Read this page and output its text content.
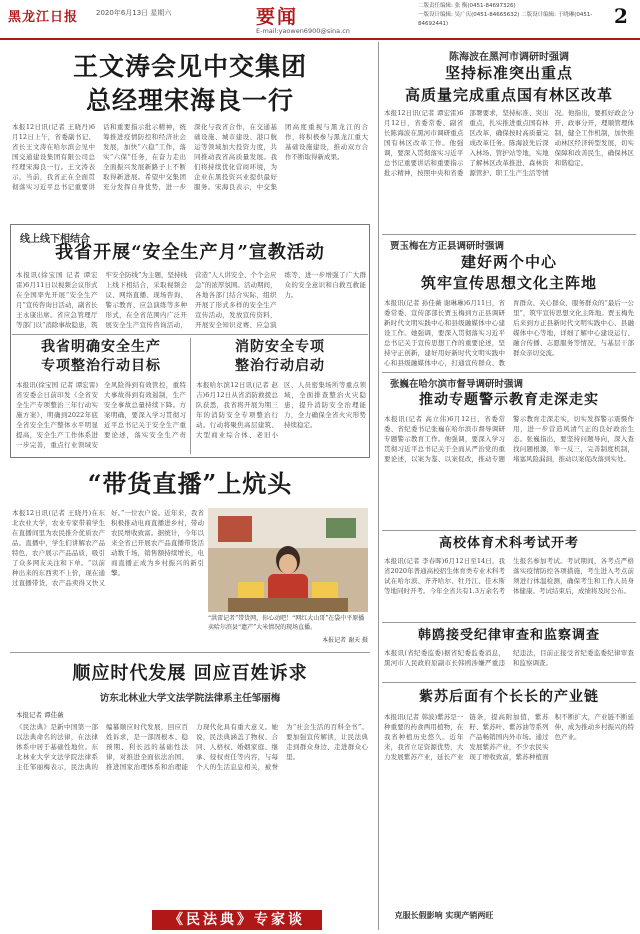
黑龙江日报	2020年6月13日 星期六	要闻
E-mail:yaowen6900@sina.cn
二版责任编辑: 张 衡(0451-84697326)
一版设计编辑: 吴广庆(0451-84665632) 二版设计编辑: 于晓琳(0451-84692441)	2
王文涛会见中交集团
总经理宋海良一行
本报12日讯(记者 王晓丹)6月12日上午，省委副书记、省长王文涛在哈尔滨会见中国交通建设集团有限公司总经理宋海良一行。王文涛表示，当前，我省正在全面贯彻落实习近平总书记重要讲话和重要指示批示精神，统筹推进疫情防控和经济社会发展，加快“六稳”工作，落实“六保”任务，在奋力走出全面振兴发展新路子上不断取得新进展。希望中交集团充分发挥自身优势，进一步深化与我省合作，在交通基础设施、城市建设、港口航运等领域加大投资力度，共同推动我省高质量发展。我们将持续优化营商环境，为企业在黑投资兴业提供最好服务。宋海良表示，中交集团高度重视与黑龙江的合作，将积极参与黑龙江重大基础设施建设，推动双方合作不断取得新成果。
线上线下相结合
我省开展“安全生产月”宣教活动
本报讯(徐宝国 记者 谭宏雷)6月11日以视频会议形式在全国率先开展“安全生产月”宣传咨询日活动，副省长王永康出席。省应急管理厅等部门以“消除事故隐患，筑牢安全防线”为主题，坚持线上线下相结合，采取视频会议、网络直播、现场咨询、警示教育、应急演练等多种形式，在全省范围内广泛开展安全生产宣传咨询活动，营造“人人讲安全、个个会应急”的浓厚氛围。活动期间，各地各部门结合实际，组织开展了形式多样的安全生产宣传活动，发放宣传资料，开展安全知识竞赛、应急演练等，进一步增强了广大群众的安全意识和自救互救能力。
我省明确安全生产
专项整治行动目标
本报讯(徐宝国 记者 谭宏雷)省安委会日前印发《全省安全生产专项整治三年行动实施方案》，明确到2022年底全省安全生产整体水平明显提高，安全生产工作体系进一步完善，重点行业领域安全风险得到有效管控，重特大事故得到有效遏制，生产安全事故总量持续下降。方案明确，要深入学习贯彻习近平总书记关于安全生产重要论述，落实安全生产责
消防安全专项
整治行动启动
本报哈尔滨12日讯(记者 赵吉)6月12日从省消防救援总队获悉，我省将开展为期三年的消防安全专项整治行动。行动将聚焦高层建筑、大型商业综合体、老旧小区、人员密集场所等重点领域，全面排查整治火灾隐患，提升消防安全治理能力，全力确保全省火灾形势持续稳定。
“带货直播”上炕头
本报12日讯(记者 王晓丹)在东北农业大学，农业专家带着学生在直播间里为农民推介优质农产品。直播中，学生们讲解农产品特色，农户展示产品品质，吸引了众多网友关注和下单。“以前种出来的东西卖不上价，现在通过直播带货，农产品卖得又快又好。”一位农户说。近年来，我省积极推动电商直播进乡村，带动农民增收致富。据统计，今年以来全省已开展农产品直播带货活动数千场，销售额持续增长，电商直播正成为乡村振兴的新引擎。
“洪雷记者”带货网，你心动吧！“网红大山哥”在袋中平原播卖哈尔滨县“遗产”大米情况的现场直播。
本报记者 谢天 摄
顺应时代发展 回应百姓诉求
访东北林业大学文法学院法律系主任邹丽梅
本报记者 谭佳薇
《民法典》是新中国第一部以法典命名的法律，在法律体系中居于基础性地位。东北林业大学文法学院法律系主任邹丽梅表示，民法典的编纂顺应时代发展，回应百姓诉求，是一部固根本、稳预期、利长远的基础性法律，对推进全面依法治国、推进国家治理体系和治理能力现代化具有重大意义。她说，民法典涵盖了物权、合同、人格权、婚姻家庭、继承、侵权责任等内容，与每个人的生活息息相关，被誉为“社会生活的百科全书”。要加强宣传解读，让民法典走到群众身边、走进群众心里。
《民法典》专家谈
陈海波在黑河市调研时强调
坚持标准突出重点
高质量完成重点国有林区改革
本报12日讯(记者 谭宏雷)6月12日，省委常委、副省长陈海波在黑河市调研重点国有林区改革工作。他强调，要深入贯彻落实习近平总书记重要讲话和重要指示批示精神，按照中央和省委部署要求，坚持标准、突出重点，扎实推进重点国有林区改革，确保按时高质量完成改革任务。陈海波先后深入林场、管护站等地，实地了解林区改革推进、森林资源管护、职工生产生活等情况。他指出，要抓好政企分开、政事分开，理顺管理体制，健全工作机制，加快推动林区经济转型发展，切实保障和改善民生，确保林区和谐稳定。
贾玉梅在方正县调研时强调
建好两个中心
筑牢宣传思想文化主阵地
本报讯(记者 孙佳薇 谢琳琳)6月11日，省委常委、宣传部部长贾玉梅到方正县调研新时代文明实践中心和县级融媒体中心建设工作。她强调，要深入贯彻落实习近平总书记关于宣传思想工作的重要论述，坚持守正创新，建好用好新时代文明实践中心和县级融媒体中心，打通宣传群众、教育群众、关心群众、服务群众的“最后一公里”，筑牢宣传思想文化主阵地。贾玉梅先后来到方正县新时代文明实践中心、县融媒体中心等地，详细了解中心建设运行、融合传播、志愿服务等情况，与基层干部群众亲切交流。
张巍在哈尔滨市督导调研时强调
推动专题警示教育走深走实
本报讯(记者 高立伟)6月12日，省委常委、省纪委书记张巍在哈尔滨市督导调研专题警示教育工作。他强调，要深入学习贯彻习近平总书记关于全面从严治党的重要论述，以案为鉴、以案促改，推动专题警示教育走深走实，切实发挥警示震慑作用，进一步营造风清气正的良好政治生态。张巍指出，要坚持问题导向，深入查找问题根源，举一反三，完善制度机制，堵塞风险漏洞，推动以案促改落到实处。
高校体育术科考试开考
本报讯(记者 李春晖)6月12日至14日，我省2020年普通高校招生体育类专业术科考试在哈尔滨、齐齐哈尔、牡丹江、佳木斯等地同时开考。今年全省共有1.3万余名考生报名参加考试。考试期间，各考点严格落实疫情防控各项措施，考生进入考点前须进行体温检测，确保考生和工作人员身体健康。考试结束后，成绩将及时公布。
韩鸥接受纪律审查和监察调查
本报讯(省纪委监委)据省纪委监委消息，黑河市人民政府原副市长韩鸥涉嫌严重违纪违法，目前正接受省纪委监委纪律审查和监察调查。
紫苏后面有个长长的产业链
本报讯(记者 韩波)紫苏是一种重要的药食两用植物，在我省种植历史悠久。近年来，我省立足资源优势，大力发展紫苏产业，延长产业链条，提高附加值，紫苏籽、紫苏叶、紫苏油等系列产品畅销国内外市场。通过发展紫苏产业，不少农民实现了增收致富，紫苏种植面积不断扩大，产业链不断延伸，成为推动乡村振兴的特色产业。
克服长假影响 实现产销两旺
